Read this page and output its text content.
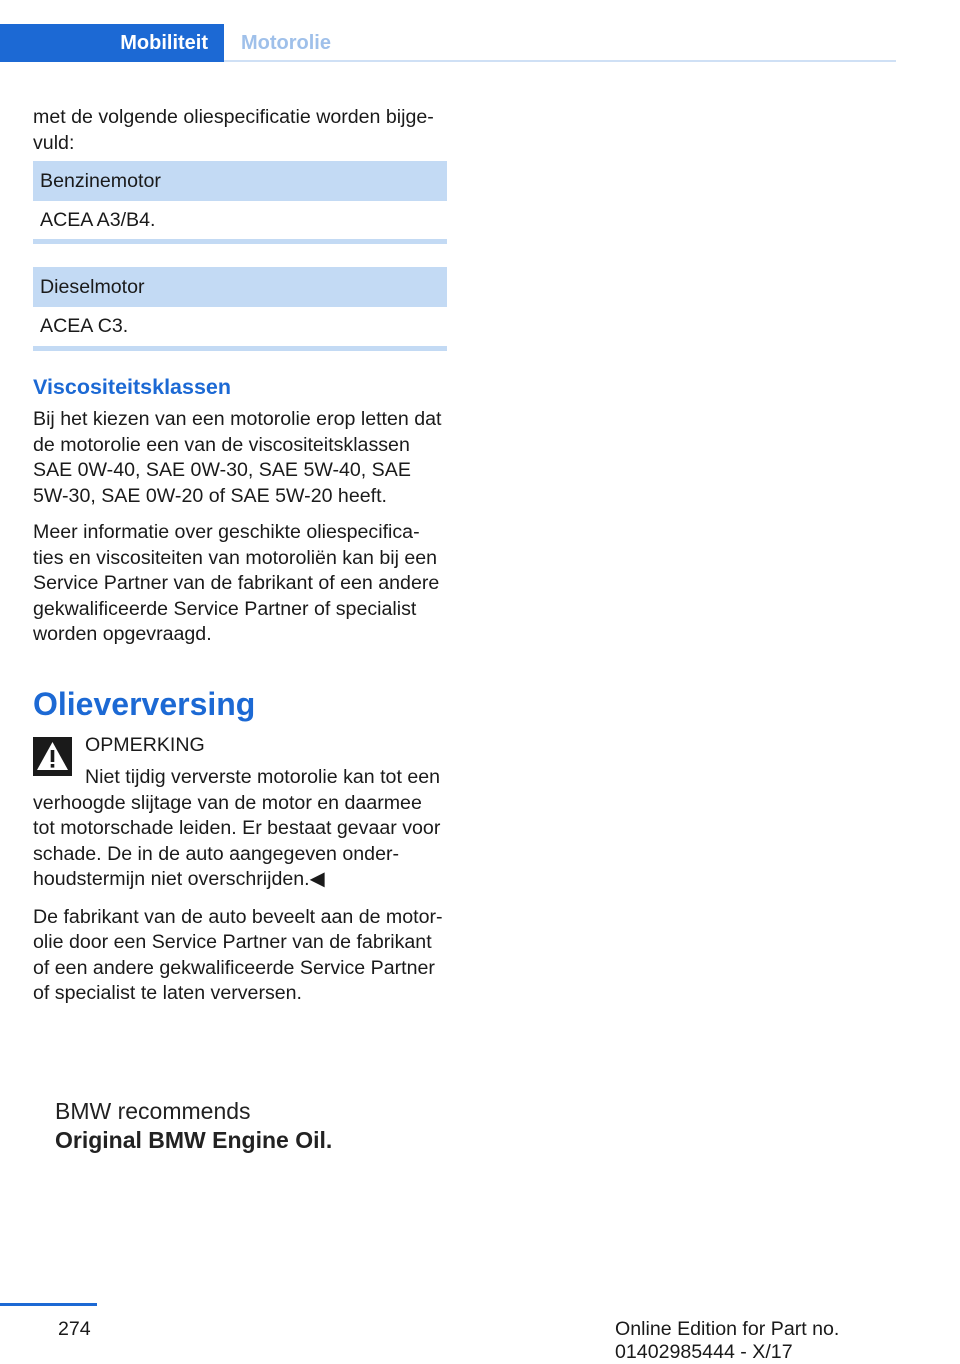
Mobiliteit	Motorolie

met de volgende oliespecificatie worden bijge-vuld:

Benzinemotor
ACEA A3/B4.
Dieselmotor
ACEA C3.
Viscositeitsklassen

Bij het kiezen van een motorolie erop letten dat de motorolie een van de viscositeitsklassen SAE 0W-40, SAE 0W-30, SAE 5W-40, SAE 5W-30, SAE 0W-20 of SAE 5W-20 heeft.

Meer informatie over geschikte oliespecifica-ties en viscositeiten van motoroliën kan bij een Service Partner van de fabrikant of een andere gekwalificeerde Service Partner of specialist worden opgevraagd.

Olieverversing
OPMERKING

Niet tijdig ververste motorolie kan tot een verhoogde slijtage van de motor en daarmee tot motorschade leiden. Er bestaat gevaar voor schade. De in de auto aangegeven onder-houdstermijn niet overschrijden.◀

De fabrikant van de auto beveelt aan de motor-olie door een Service Partner van de fabrikant of een andere gekwalificeerde Service Partner of specialist te laten verversen.

BMW recommends
Original BMW Engine Oil.
274	Online Edition for Part no. 01402985444 - X/17
